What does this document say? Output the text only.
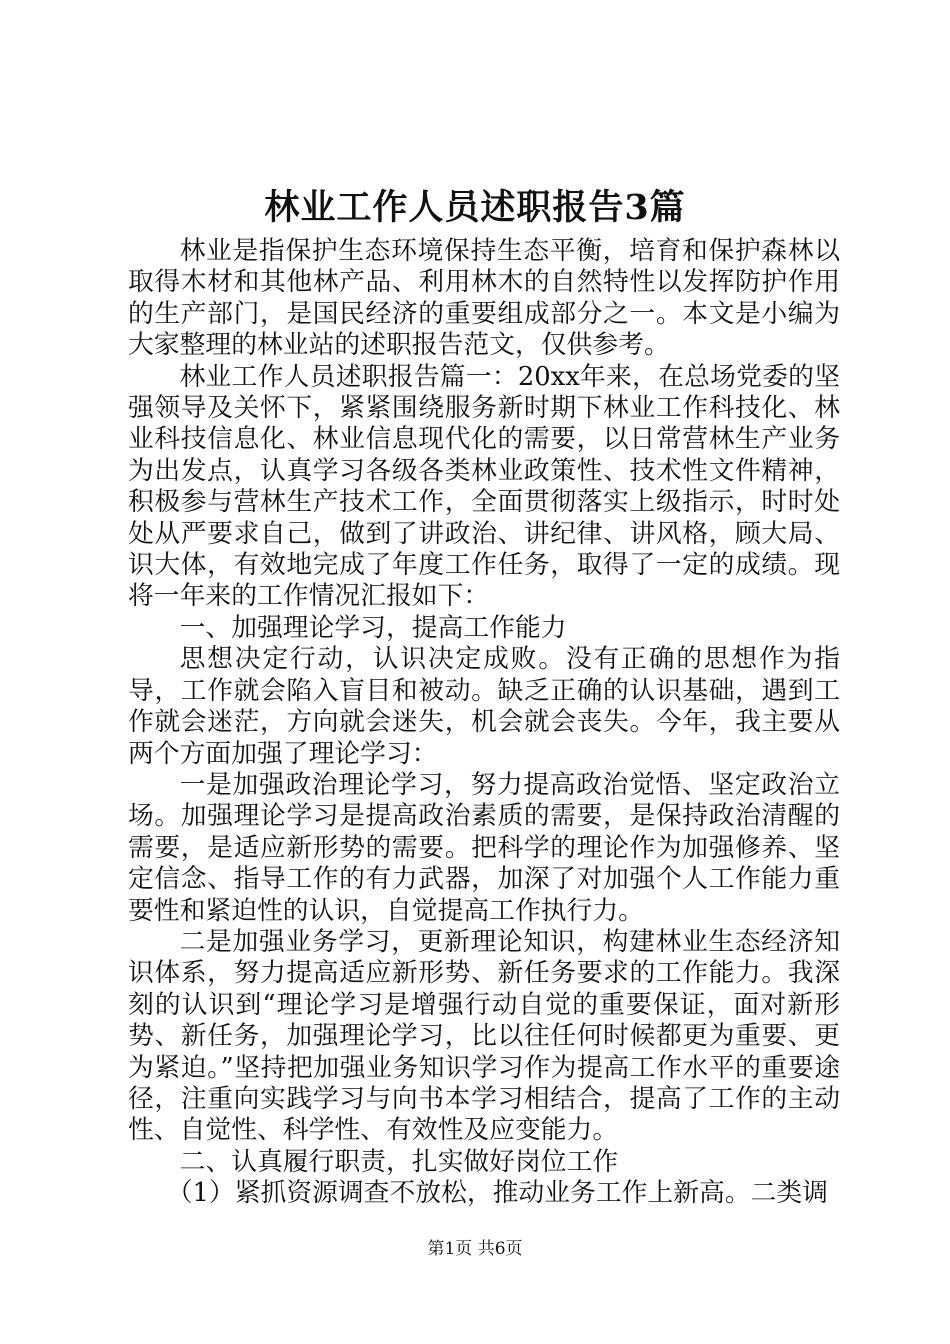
林业工作人员述职报告3篇

林业是指保护生态环境保持生态平衡，培育和保护森林以取得木材和其他林产品、利用林木的自然特性以发挥防护作用的生产部门，是国民经济的重要组成部分之一。本文是小编为大家整理的林业站的述职报告范文，仅供参考。

林业工作人员述职报告篇一：20xx年来，在总场党委的坚强领导及关怀下，紧紧围绕服务新时期下林业工作科技化、林业科技信息化、林业信息现代化的需要，以日常营林生产业务为出发点，认真学习各级各类林业政策性、技术性文件精神，积极参与营林生产技术工作，全面贯彻落实上级指示，时时处处从严要求自己，做到了讲政治、讲纪律、讲风格，顾大局、识大体，有效地完成了年度工作任务，取得了一定的成绩。现将一年来的工作情况汇报如下：

一、加强理论学习，提高工作能力

思想决定行动，认识决定成败。没有正确的思想作为指导，工作就会陷入盲目和被动。缺乏正确的认识基础，遇到工作就会迷茫，方向就会迷失，机会就会丧失。今年，我主要从两个方面加强了理论学习：

一是加强政治理论学习，努力提高政治觉悟、坚定政治立场。加强理论学习是提高政治素质的需要，是保持政治清醒的需要，是适应新形势的需要。把科学的理论作为加强修养、坚定信念、指导工作的有力武器，加深了对加强个人工作能力重要性和紧迫性的认识，自觉提高工作执行力。

二是加强业务学习，更新理论知识，构建林业生态经济知识体系，努力提高适应新形势、新任务要求的工作能力。我深刻的认识到“理论学习是增强行动自觉的重要保证，面对新形势、新任务，加强理论学习，比以往任何时候都更为重要、更为紧迫。”坚持把加强业务知识学习作为提高工作水平的重要途径，注重向实践学习与向书本学习相结合，提高了工作的主动性、自觉性、科学性、有效性及应变能力。

二、认真履行职责，扎实做好岗位工作

（1）紧抓资源调查不放松，推动业务工作上新高。二类调

第1页 共6页
